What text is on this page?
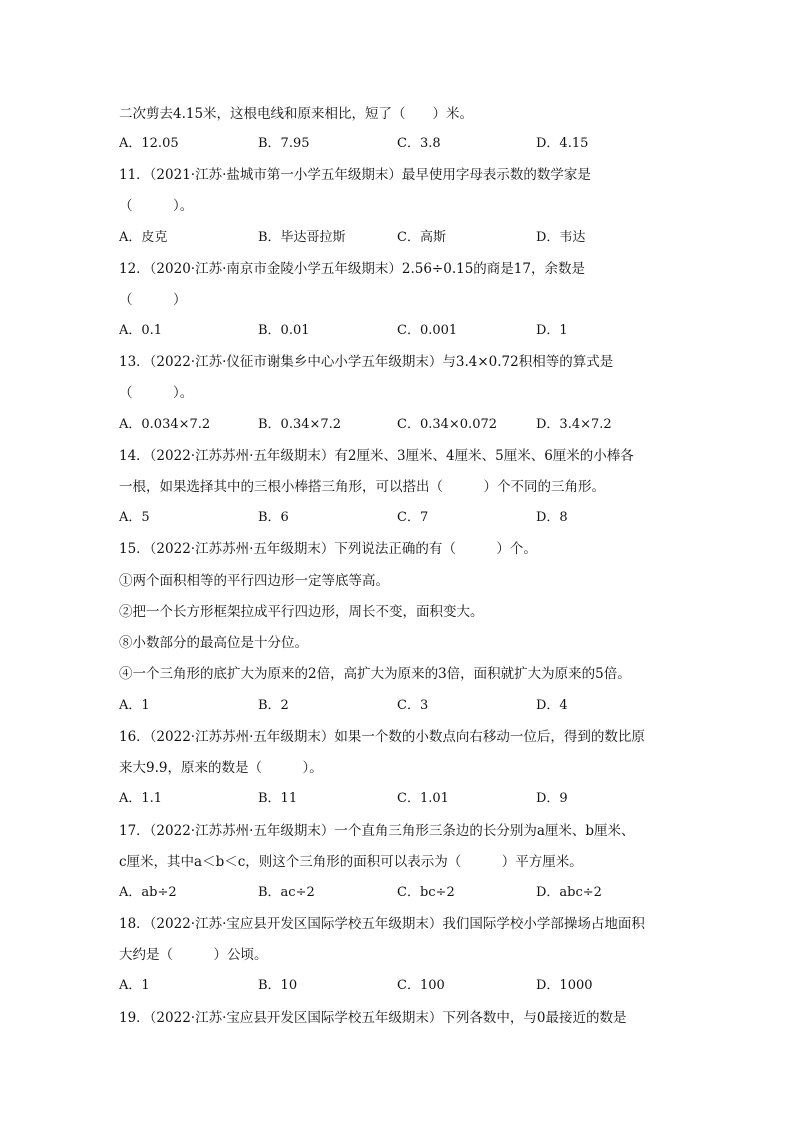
二次剪去4.15米，这根电线和原来相比，短了（　　）米。
A．12.05	B．7.95	C．3.8	D．4.15
11．（2021·江苏·盐城市第一小学五年级期末）最早使用字母表示数的数学家是
（　　　）。
A．皮克	B．毕达哥拉斯	C．高斯	D．韦达
12．（2020·江苏·南京市金陵小学五年级期末）2.56÷0.15的商是17，余数是
（　　　）
A．0.1	B．0.01	C．0.001	D．1
13．（2022·江苏·仪征市谢集乡中心小学五年级期末）与3.4×0.72积相等的算式是
（　　　）。
A．0.034×7.2	B．0.34×7.2	C．0.34×0.072	D．3.4×7.2
14．（2022·江苏苏州·五年级期末）有2厘米、3厘米、4厘米、5厘米、6厘米的小棒各
一根，如果选择其中的三根小棒搭三角形，可以搭出（　　　）个不同的三角形。
A．5	B．6	C．7	D．8
15．（2022·江苏苏州·五年级期末）下列说法正确的有（　　　）个。
①两个面积相等的平行四边形一定等底等高。
②把一个长方形框架拉成平行四边形，周长不变，面积变大。
⑧小数部分的最高位是十分位。
④一个三角形的底扩大为原来的2倍，高扩大为原来的3倍，面积就扩大为原来的5倍。
A．1	B．2	C．3	D．4
16．（2022·江苏苏州·五年级期末）如果一个数的小数点向右移动一位后，得到的数比原
来大9.9，原来的数是（　　　）。
A．1.1	B．11	C．1.01	D．9
17．（2022·江苏苏州·五年级期末）一个直角三角形三条边的长分别为a厘米、b厘米、
c厘米，其中a＜b＜c，则这个三角形的面积可以表示为（　　　）平方厘米。
A．ab÷2	B．ac÷2	C．bc÷2	D．abc÷2
18．（2022·江苏·宝应县开发区国际学校五年级期末）我们国际学校小学部操场占地面积
大约是（　　　）公顷。
A．1	B．10	C．100	D．1000
19．（2022·江苏·宝应县开发区国际学校五年级期末）下列各数中，与0最接近的数是
